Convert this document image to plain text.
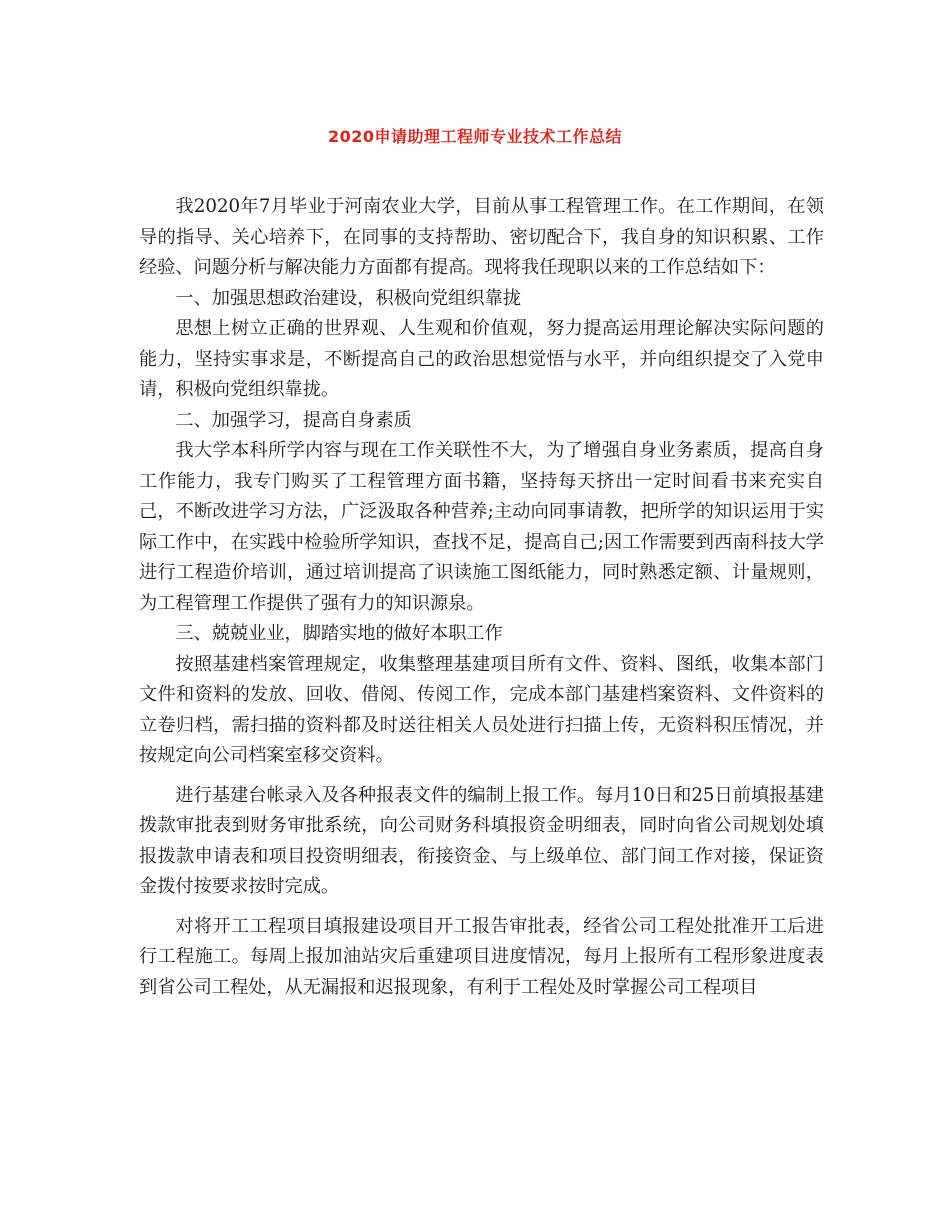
2020申请助理工程师专业技术工作总结

我2020年7月毕业于河南农业大学，目前从事工程管理工作。在工作期间，在领导的指导、关心培养下，在同事的支持帮助、密切配合下，我自身的知识积累、工作经验、问题分析与解决能力方面都有提高。现将我任现职以来的工作总结如下：

一、加强思想政治建设，积极向党组织靠拢

思想上树立正确的世界观、人生观和价值观，努力提高运用理论解决实际问题的能力，坚持实事求是，不断提高自己的政治思想觉悟与水平，并向组织提交了入党申请，积极向党组织靠拢。

二、加强学习，提高自身素质

我大学本科所学内容与现在工作关联性不大，为了增强自身业务素质，提高自身工作能力，我专门购买了工程管理方面书籍，坚持每天挤出一定时间看书来充实自己，不断改进学习方法，广泛汲取各种营养;主动向同事请教，把所学的知识运用于实际工作中，在实践中检验所学知识，查找不足，提高自己;因工作需要到西南科技大学进行工程造价培训，通过培训提高了识读施工图纸能力，同时熟悉定额、计量规则，为工程管理工作提供了强有力的知识源泉。

三、兢兢业业，脚踏实地的做好本职工作

按照基建档案管理规定，收集整理基建项目所有文件、资料、图纸，收集本部门文件和资料的发放、回收、借阅、传阅工作，完成本部门基建档案资料、文件资料的立卷归档，需扫描的资料都及时送往相关人员处进行扫描上传，无资料积压情况，并按规定向公司档案室移交资料。

进行基建台帐录入及各种报表文件的编制上报工作。每月10日和25日前填报基建拨款审批表到财务审批系统，向公司财务科填报资金明细表，同时向省公司规划处填报拨款申请表和项目投资明细表，衔接资金、与上级单位、部门间工作对接，保证资金拨付按要求按时完成。

对将开工工程项目填报建设项目开工报告审批表，经省公司工程处批准开工后进行工程施工。每周上报加油站灾后重建项目进度情况，每月上报所有工程形象进度表到省公司工程处，从无漏报和迟报现象，有利于工程处及时掌握公司工程项目
